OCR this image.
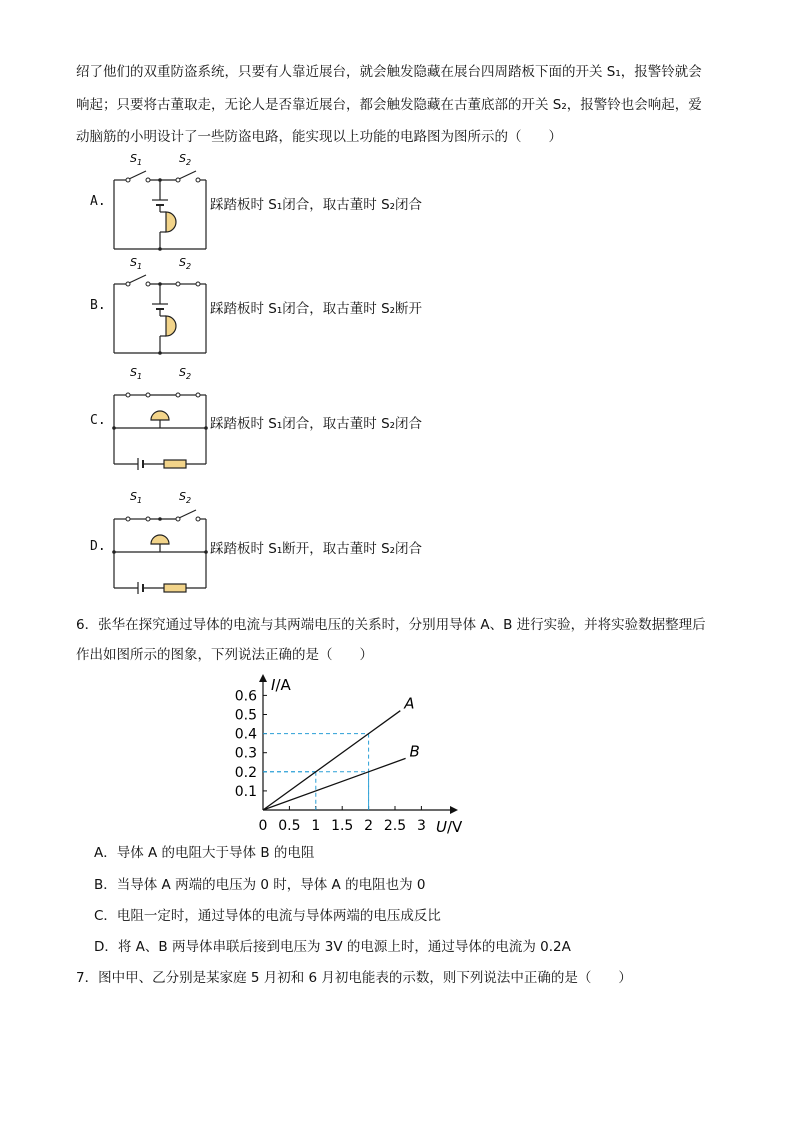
绍了他们的双重防盗系统，只要有人靠近展台，就会触发隐藏在展台四周踏板下面的开关 S₁，报警铃就会
响起；只要将古董取走，无论人是否靠近展台，都会触发隐藏在古董底部的开关 S₂，报警铃也会响起，爱
动脑筋的小明设计了一些防盗电路，能实现以上功能的电路图为图所示的（　　）
A.
$S_1$	$S_2$
踩踏板时 S₁闭合，取古董时 S₂闭合
B.
$S_1$	$S_2$
踩踏板时 S₁闭合，取古董时 S₂断开
C.
$S_1$	$S_2$
踩踏板时 S₁闭合，取古董时 S₂闭合
D.
$S_1$	$S_2$
踩踏板时 S₁断开，取古董时 S₂闭合
6．张华在探究通过导体的电流与其两端电压的关系时，分别用导体 A、B 进行实验，并将实验数据整理后
作出如图所示的图象，下列说法正确的是（　　）
0.1
0.2
0.3
0.4
0.5
0.6
0 0.5 1 1.5 2 2.5 3
I/A
U/V
A
B
A．导体 A 的电阻大于导体 B 的电阻
B．当导体 A 两端的电压为 0 时，导体 A 的电阻也为 0
C．电阻一定时，通过导体的电流与导体两端的电压成反比
D．将 A、B 两导体串联后接到电压为 3V 的电源上时，通过导体的电流为 0.2A
7．图中甲、乙分别是某家庭 5 月初和 6 月初电能表的示数，则下列说法中正确的是（　　）
